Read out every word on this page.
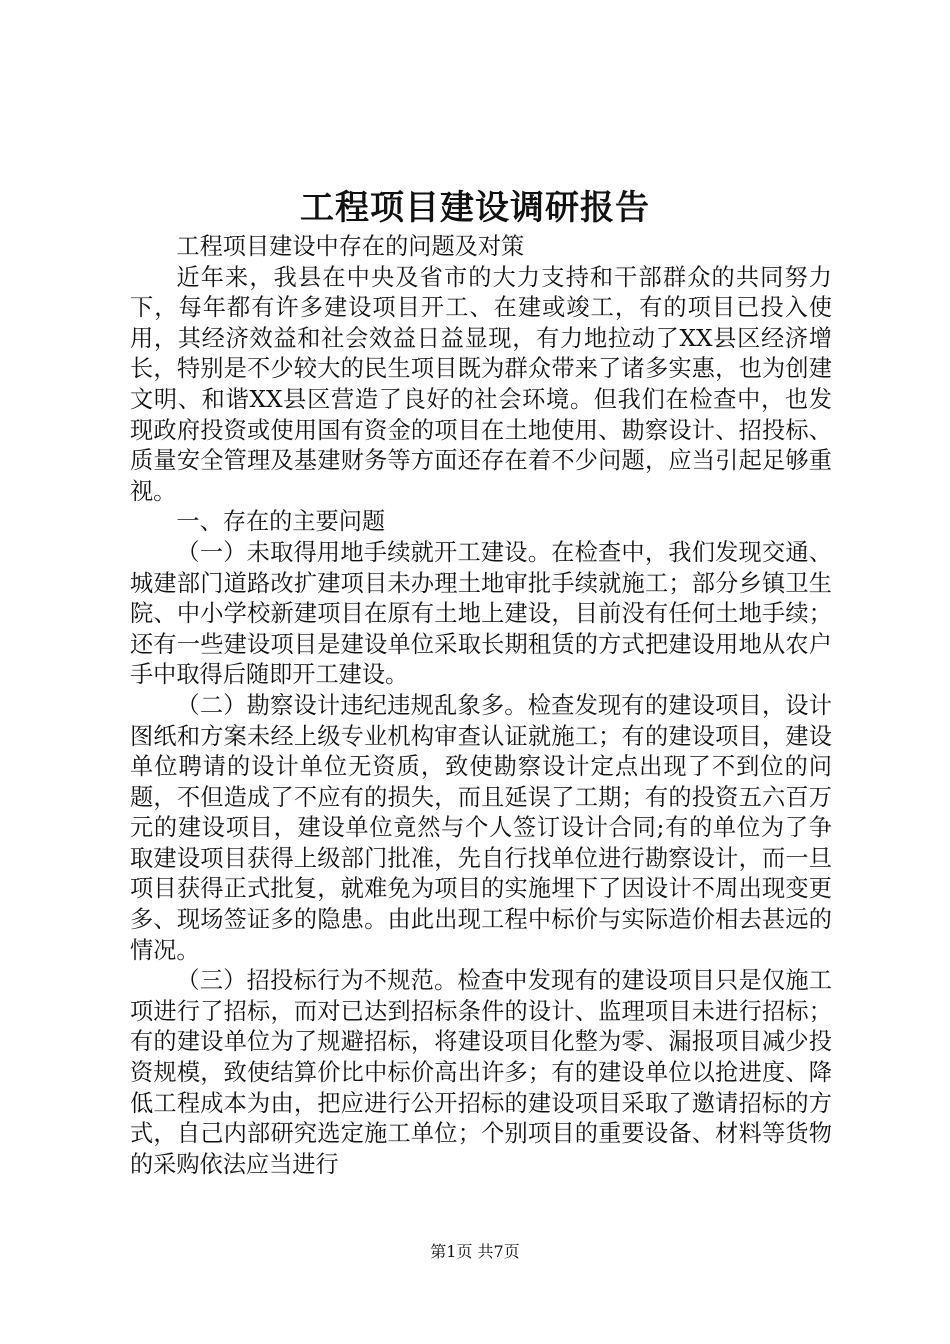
工程项目建设调研报告

工程项目建设中存在的问题及对策

近年来，我县在中央及省市的大力支持和干部群众的共同努力下，每年都有许多建设项目开工、在建或竣工，有的项目已投入使用，其经济效益和社会效益日益显现，有力地拉动了XX县区经济增长，特别是不少较大的民生项目既为群众带来了诸多实惠，也为创建文明、和谐XX县区营造了良好的社会环境。但我们在检查中，也发现政府投资或使用国有资金的项目在土地使用、勘察设计、招投标、质量安全管理及基建财务等方面还存在着不少问题，应当引起足够重视。

一、存在的主要问题

（一）未取得用地手续就开工建设。在检查中，我们发现交通、城建部门道路改扩建项目未办理土地审批手续就施工；部分乡镇卫生院、中小学校新建项目在原有土地上建设，目前没有任何土地手续；还有一些建设项目是建设单位采取长期租赁的方式把建设用地从农户手中取得后随即开工建设。

（二）勘察设计违纪违规乱象多。检查发现有的建设项目，设计图纸和方案未经上级专业机构审查认证就施工；有的建设项目，建设单位聘请的设计单位无资质，致使勘察设计定点出现了不到位的问题，不但造成了不应有的损失，而且延误了工期；有的投资五六百万元的建设项目，建设单位竟然与个人签订设计合同;有的单位为了争取建设项目获得上级部门批准，先自行找单位进行勘察设计，而一旦项目获得正式批复，就难免为项目的实施埋下了因设计不周出现变更多、现场签证多的隐患。由此出现工程中标价与实际造价相去甚远的情况。

（三）招投标行为不规范。检查中发现有的建设项目只是仅施工项进行了招标，而对已达到招标条件的设计、监理项目未进行招标；有的建设单位为了规避招标，将建设项目化整为零、漏报项目减少投资规模，致使结算价比中标价高出许多；有的建设单位以抢进度、降低工程成本为由，把应进行公开招标的建设项目采取了邀请招标的方式，自己内部研究选定施工单位；个别项目的重要设备、材料等货物的采购依法应当进行

第1页 共7页
